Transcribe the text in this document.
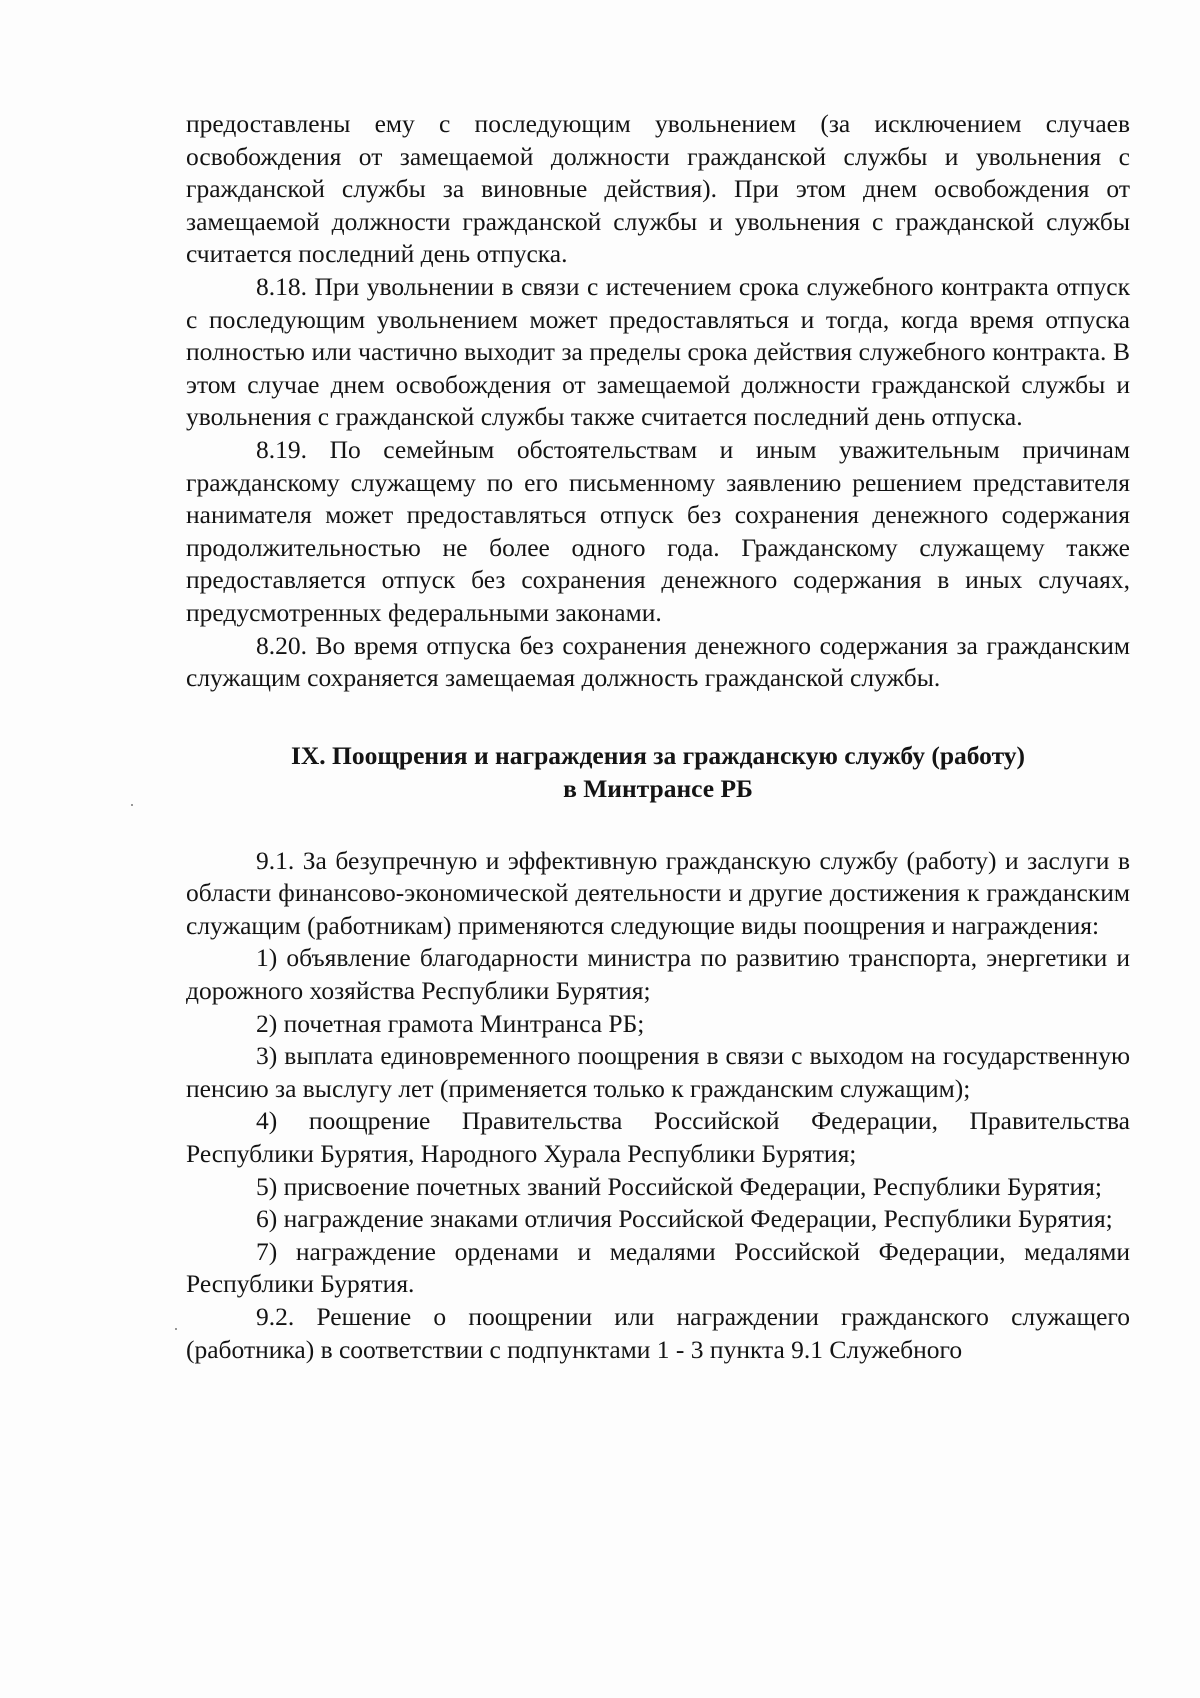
предоставлены ему с последующим увольнением (за исключением случаев освобождения от замещаемой должности гражданской службы и увольнения с гражданской службы за виновные действия). При этом днем освобождения от замещаемой должности гражданской службы и увольнения с гражданской службы считается последний день отпуска.

8.18. При увольнении в связи с истечением срока служебного контракта отпуск с последующим увольнением может предоставляться и тогда, когда время отпуска полностью или частично выходит за пределы срока действия служебного контракта. В этом случае днем освобождения от замещаемой должности гражданской службы и увольнения с гражданской службы также считается последний день отпуска.

8.19. По семейным обстоятельствам и иным уважительным причинам гражданскому служащему по его письменному заявлению решением представителя нанимателя может предоставляться отпуск без сохранения денежного содержания продолжительностью не более одного года. Гражданскому служащему также предоставляется отпуск без сохранения денежного содержания в иных случаях, предусмотренных федеральными законами.

8.20. Во время отпуска без сохранения денежного содержания за гражданским служащим сохраняется замещаемая должность гражданской службы.

IX. Поощрения и награждения за гражданскую службу (работу)
в Минтрансе РБ

9.1. За безупречную и эффективную гражданскую службу (работу) и заслуги в области финансово-экономической деятельности и другие достижения к гражданским служащим (работникам) применяются следующие виды поощрения и награждения:

1) объявление благодарности министра по развитию транспорта, энергетики и дорожного хозяйства Республики Бурятия;

2) почетная грамота Минтранса РБ;

3) выплата единовременного поощрения в связи с выходом на государственную пенсию за выслугу лет (применяется только к гражданским служащим);

4) поощрение Правительства Российской Федерации, Правительства Республики Бурятия, Народного Хурала Республики Бурятия;

5) присвоение почетных званий Российской Федерации, Республики Бурятия;

6) награждение знаками отличия Российской Федерации, Республики Бурятия;

7) награждение орденами и медалями Российской Федерации, медалями Республики Бурятия.

9.2. Решение о поощрении или награждении гражданского служащего (работника) в соответствии с подпунктами 1 - 3 пункта 9.1 Служебного
